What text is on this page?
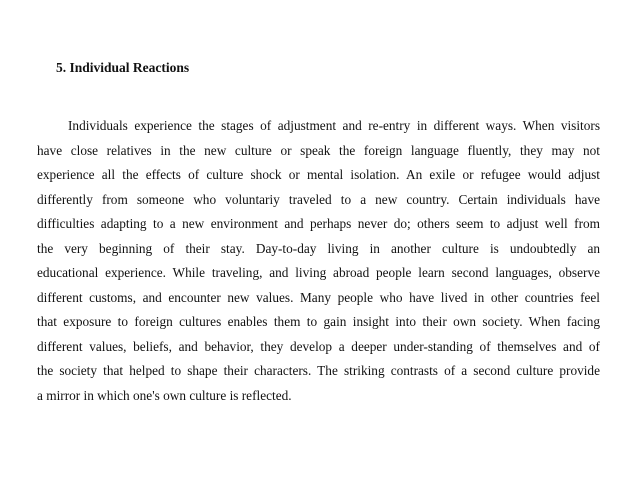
5. Individual Reactions
Individuals experience the stages of adjustment and re-entry in different ways. When visitors
have close relatives in the new culture or speak the foreign language fluently, they may not
experience all the effects of culture shock or mental isolation. An exile or refugee would adjust
differently from someone who voluntariy traveled to a new country. Certain individuals have
difficulties adapting to a new environment and perhaps never do; others seem to adjust well from
the very beginning of their stay. Day-to-day living in another culture is undoubtedly an
educational experience. While traveling, and living abroad people learn second languages, observe
different customs, and encounter new values. Many people who have lived in other countries feel
that exposure to foreign cultures enables them to gain insight into their own society. When facing
different values, beliefs, and behavior, they develop a deeper under-standing of themselves and of
the society that helped to shape their characters. The striking contrasts of a second culture provide
a mirror in which one's own culture is reflected.
